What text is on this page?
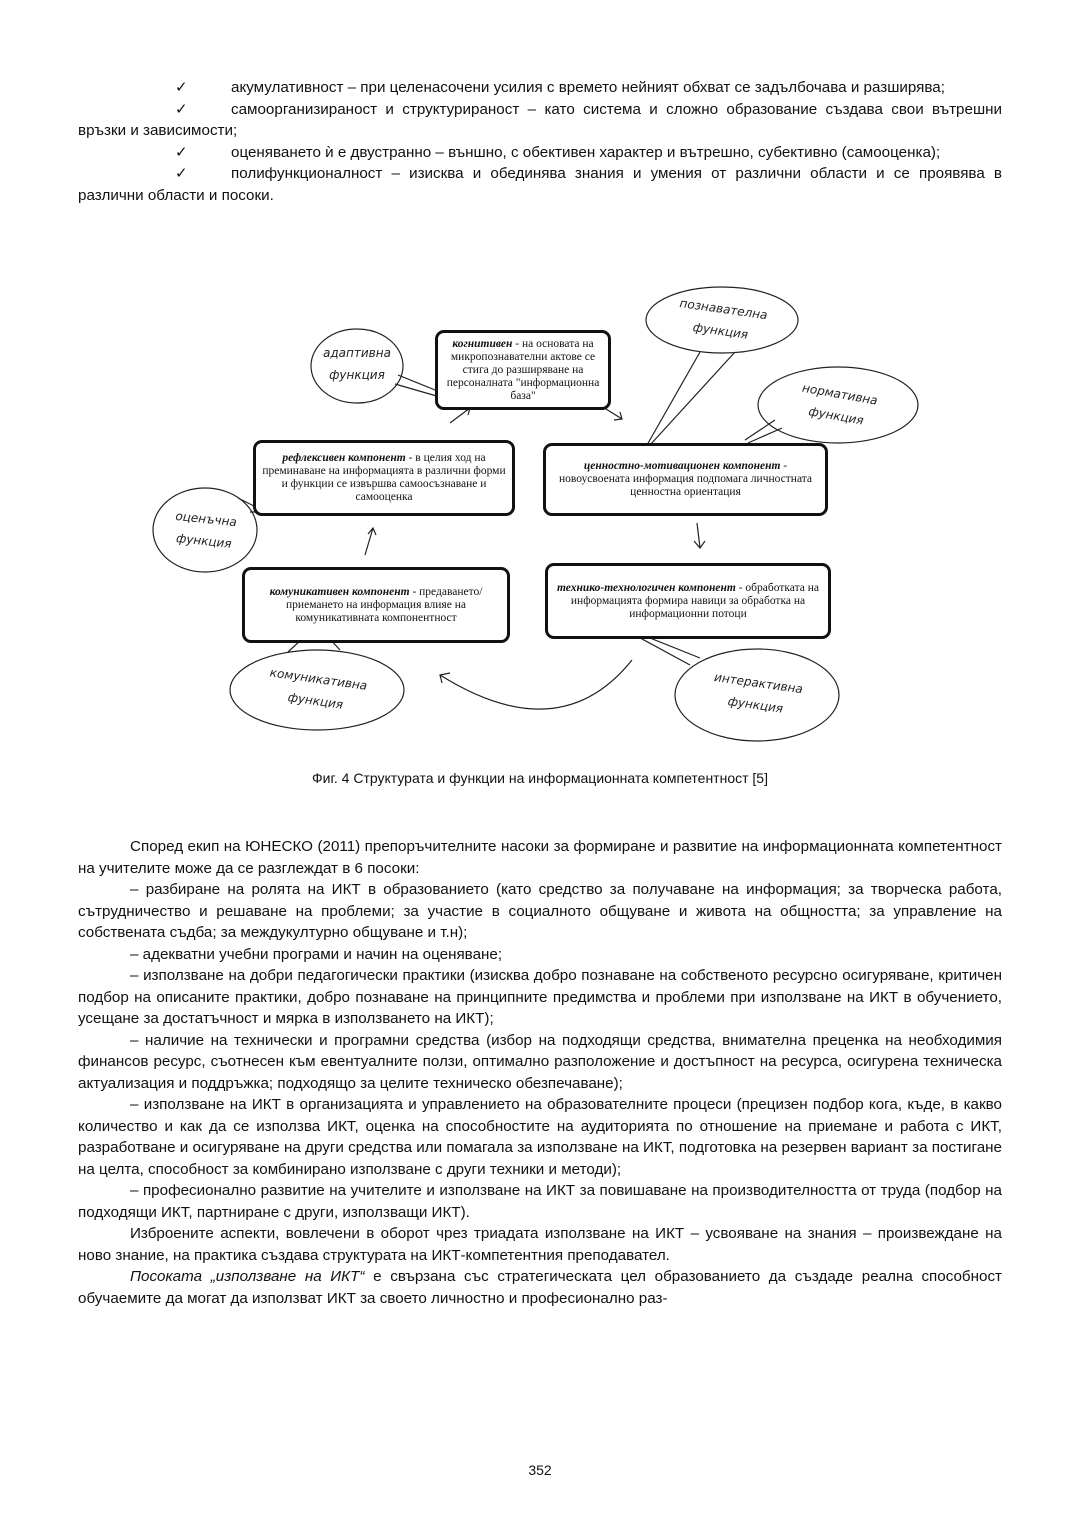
✓	акумулативност – при целенасочени усилия с времето нейният обхват се задълбочава и разширява;

✓	самоорганизираност и структурираност – като система и сложно образование създава свои вътрешни връзки и зависимости;

✓	оценяването ѝ е двустранно – външно, с обективен характер и вътрешно, субективно (самооценка);

✓	полифункционалност – изисква и обединява знания и умения от различни области и се проявява в различни области и посоки.

когнитивен - на основата на микропознавателни актове се стига до разширяване на персоналната "информационна база"
рефлексивен компонент - в целия ход на преминаване на информацията в различни форми и функции се извършва самоосъзнаване и самооценка
ценностно-мотивационен компонент - новоусвоената информация подпомага личностната ценностна ориентация
комуникативен компонент - предаването/приемането на информация влияе на комуникативната компонентност
технико-технологичен компонент - обработката на информацията формира навици за обработка на информационни потоци
адаптивна
функция
познавателна
функция
нормативна
функция
оценъчна
функция
комуникативна
функция
интерактивна
функция
Фиг. 4 Структурата и функции на информационната компетентност [5]

Според екип на ЮНЕСКО (2011) препоръчителните насоки за формиране и развитие на информационната компетентност на учителите може да се разглеждат в 6 посоки:

– разбиране на ролята на ИКТ в образованието (като средство за получаване на информация; за творческа работа, сътрудничество и решаване на проблеми; за участие в социалното общуване и живота на общността; за управление на собствената съдба; за междукултурно общуване и т.н);

– адекватни учебни програми и начин на оценяване;

– използване на добри педагогически практики (изисква добро познаване на собственото ресурсно осигуряване, критичен подбор на описаните практики, добро познаване на принципните предимства и проблеми при използване на ИКТ в обучението, усещане за достатъчност и мярка в използването на ИКТ);

– наличие на технически и програмни средства (избор на подходящи средства, внимателна преценка на необходимия финансов ресурс, съотнесен към евентуалните ползи, оптимално разположение и достъпност на ресурса, осигурена техническа актуализация и поддръжка; подходящо за целите техническо обезпечаване);

– използване на ИКТ в организацията и управлението на образователните процеси (прецизен подбор кога, къде, в какво количество и как да се използва ИКТ, оценка на способностите на аудиторията по отношение на приемане и работа с ИКТ, разработване и осигуряване на други средства или помагала за използване на ИКТ, подготовка на резервен вариант за постигане на целта, способност за комбинирано използване с други техники и методи);

– професионално развитие на учителите и използване на ИКТ за повишаване на производителността от труда (подбор на подходящи ИКТ, партниране с други, използващи ИКТ).

Изброените аспекти, вовлечени в оборот чрез триадата използване на ИКТ – усвояване на знания – произвеждане на ново знание, на практика създава структурата на ИКТ-компетентния преподавател.

Посоката „използване на ИКТ“ е свързана със стратегическата цел образованието да създаде реална способност обучаемите да могат да използват ИКТ за своето личностно и професионално раз-

352
